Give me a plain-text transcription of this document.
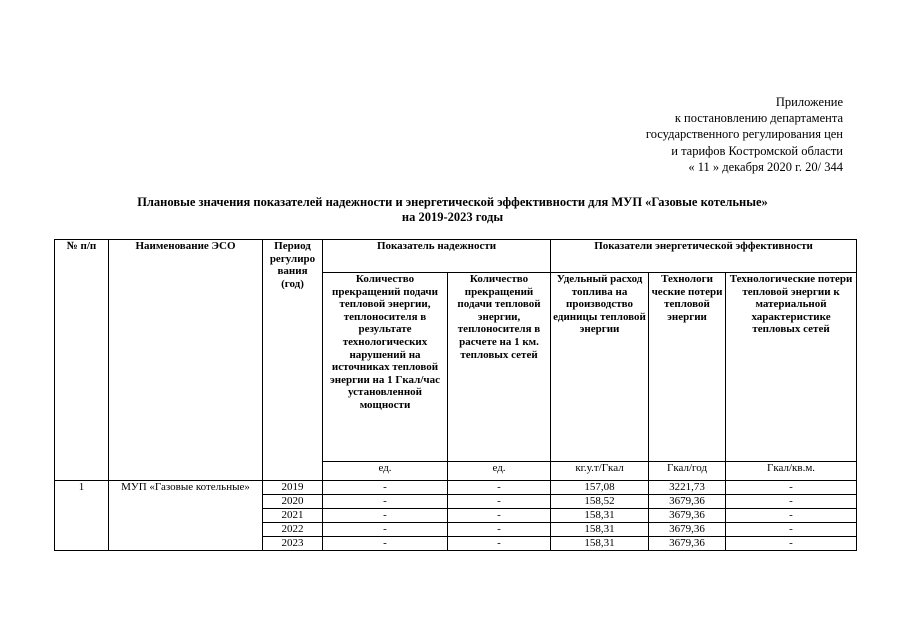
Приложение
к постановлению департамента
государственного регулирования цен
и тарифов Костромской области
« 11 » декабря 2020 г. 20/ 344
Плановые значения показателей надежности и энергетической эффективности для МУП «Газовые котельные»
на 2019-2023 годы
№ п/п	Наименование ЭСО	Период регулиро вания (год)	Показатель надежности		Показатели энергетической эффективности		
			Количество прекращений подачи тепловой энергии, теплоносителя в результате технологических нарушений на источниках тепловой энергии на 1 Гкал/час установленной мощности	Количество прекращений подачи тепловой энергии, теплоносителя в расчете на 1 км. тепловых сетей	Удельный расход топлива на производство единицы тепловой энергии	Технологи ческие потери тепловой энергии	Технологические потери тепловой энергии к материальной характеристике тепловых сетей
			ед.	ед.	кг.у.т/Гкал	Гкал/год	Гкал/кв.м.
1	МУП «Газовые котельные»	2019	-	-	157,08	3221,73	-
		2020	-	-	158,52	3679,36	-
		2021	-	-	158,31	3679,36	-
		2022	-	-	158,31	3679,36	-
		2023	-	-	158,31	3679,36	-
